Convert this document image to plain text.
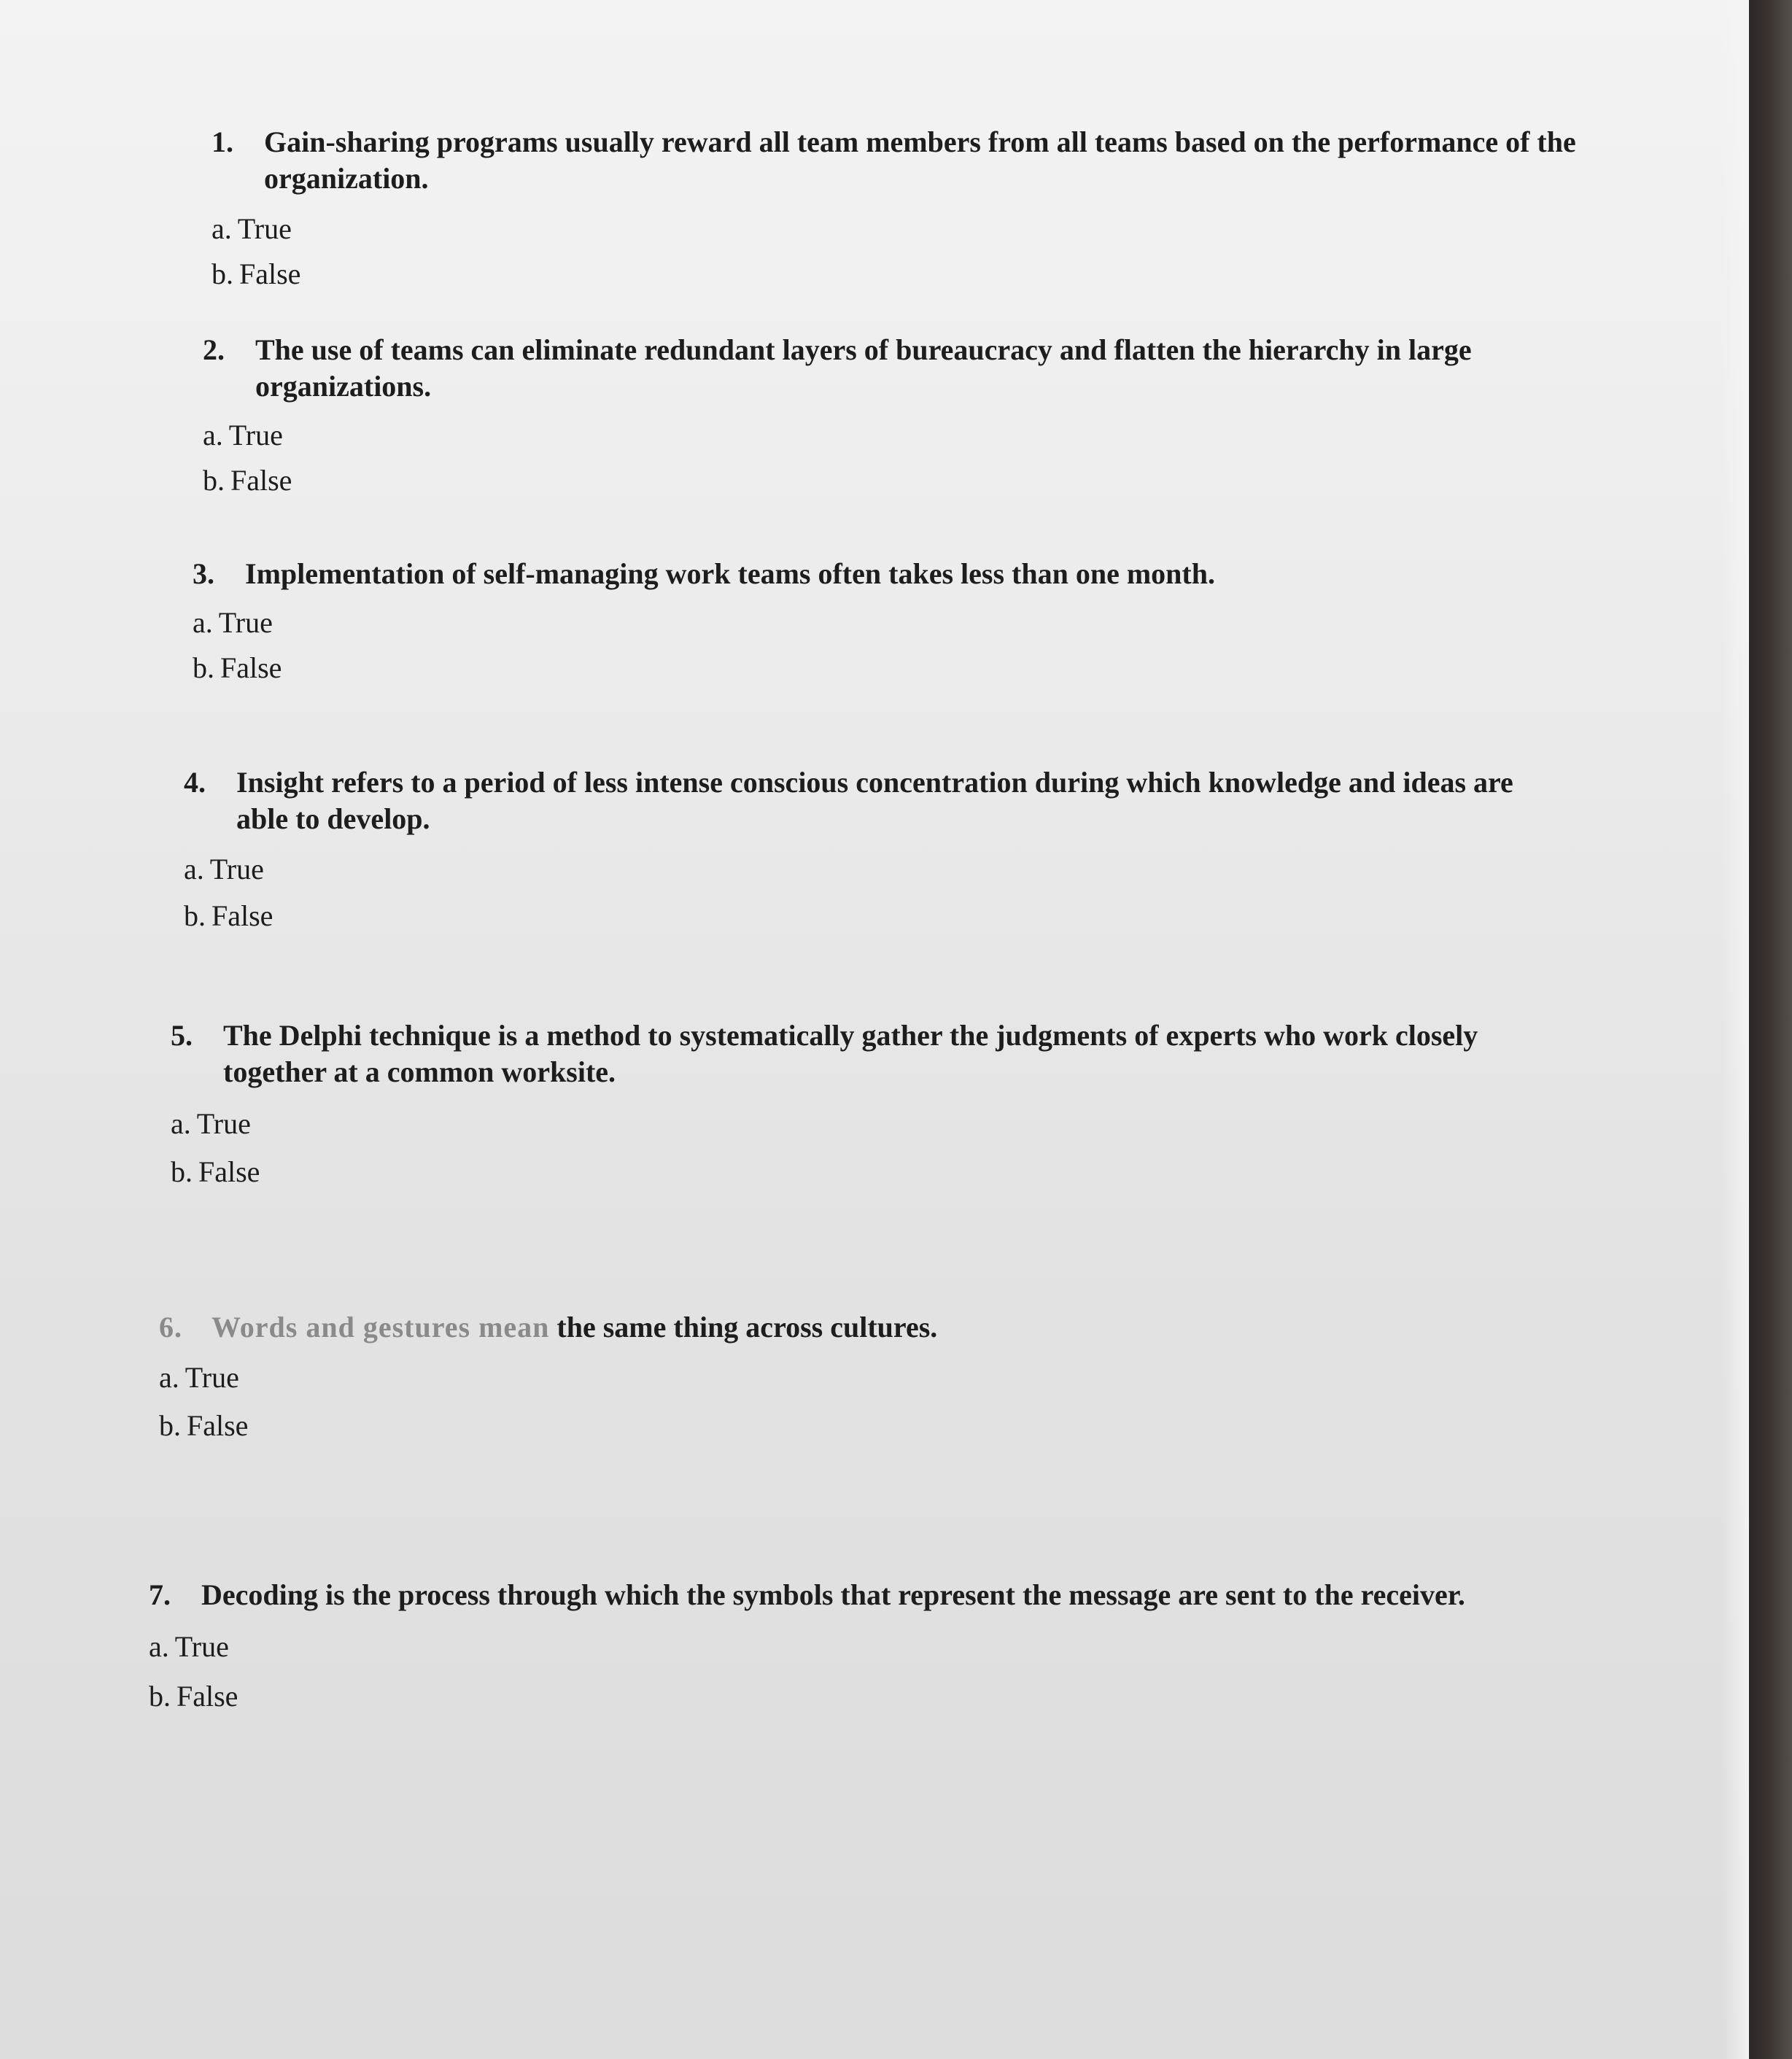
1. Gain-sharing programs usually reward all team members from all teams based on the performance of the organization.

a. True

b. False

2. The use of teams can eliminate redundant layers of bureaucracy and flatten the hierarchy in large organizations.

a. True

b. False

3. Implementation of self-managing work teams often takes less than one month.

a. True

b. False

4. Insight refers to a period of less intense conscious concentration during which knowledge and ideas are able to develop.

a. True

b. False

5. The Delphi technique is a method to systematically gather the judgments of experts who work closely together at a common worksite.

a. True

b. False

6. Words and gestures mean the same thing across cultures.

a. True

b. False

7. Decoding is the process through which the symbols that represent the message are sent to the receiver.

a. True

b. False
